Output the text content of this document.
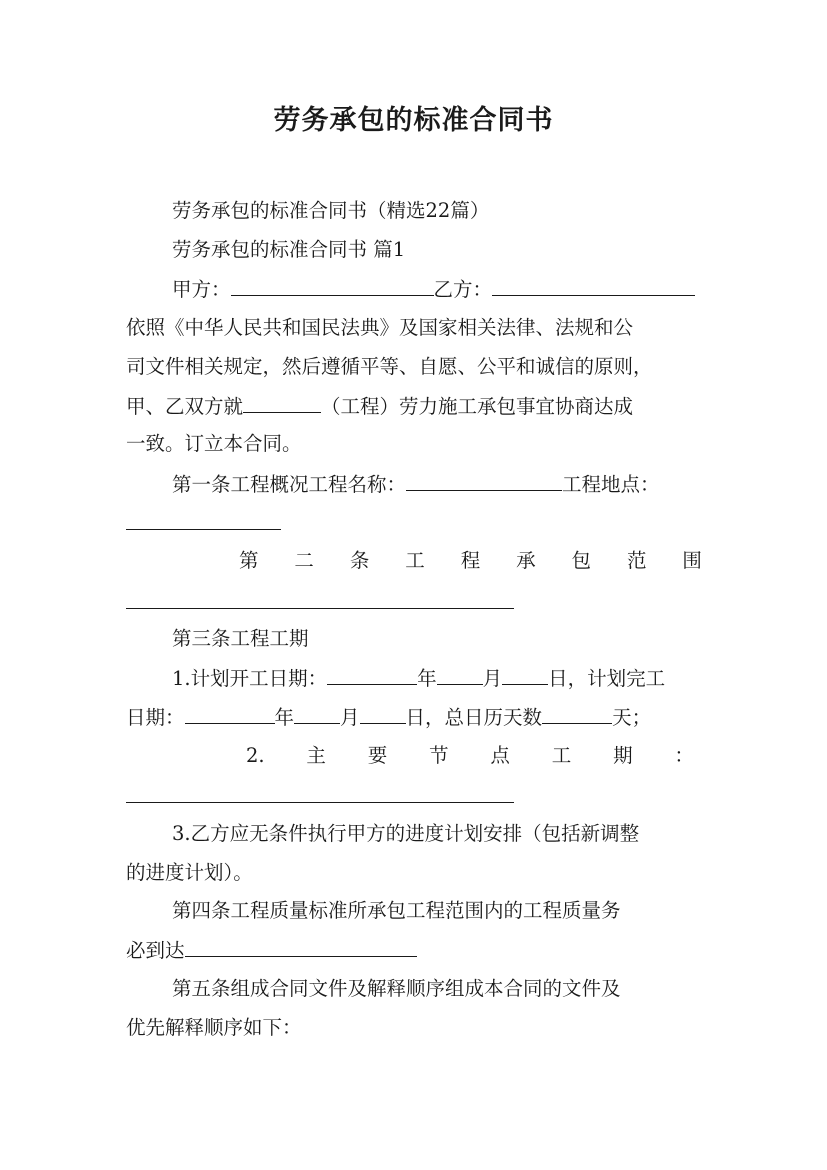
劳务承包的标准合同书
劳务承包的标准合同书（精选22篇）
劳务承包的标准合同书 篇1
甲方：	乙方：
依照《中华人民共和国民法典》及国家相关法律、法规和公
司文件相关规定，然后遵循平等、自愿、公平和诚信的原则，
甲、乙双方就	（工程）劳力施工承包事宜协商达成
一致。订立本合同。
第一条工程概况工程名称：	工程地点：
第 二 条 工 程 承 包 范 围
第三条工程工期
1.计划开工日期：	年 月 日，计划完工
日期：	年 月 日，总日历天数	天；
2. 主 要 节 点 工 期 ：
3.乙方应无条件执行甲方的进度计划安排（包括新调整
的进度计划）。
第四条工程质量标准所承包工程范围内的工程质量务
必到达
第五条组成合同文件及解释顺序组成本合同的文件及
优先解释顺序如下：
